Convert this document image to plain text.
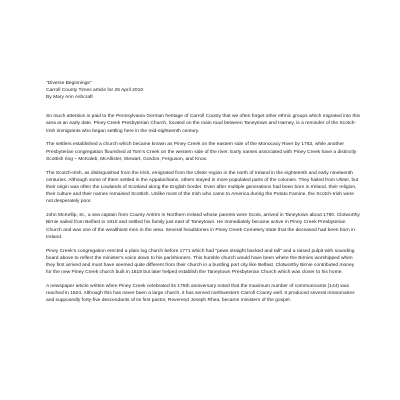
"Diverse Beginnings"

Carroll County Times article for 25 April 2010

By Mary Ann Ashcraft

So much attention is paid to the Pennsylvania German heritage of Carroll County that we often forget other ethnic groups which migrated into this area at an early date. Piney Creek Presbyterian Church, located on the main road between Taneytown and Harney, is a reminder of the Scotch-Irish immigrants who began settling here in the mid-eighteenth century.

The settlers established a church which became known as Piney Creek on the eastern side of the Monocacy River by 1763, while another Presbyterian congregation flourished at Tom’s Creek on the western side of the river. Early names associated with Piney Creek have a distinctly Scottish ring – McKaleb, McAllister, Stewart, Gordon, Ferguson, and Knox.

The Scotch-Irish, as distinguished from the Irish, emigrated from the Ulster region in the north of Ireland in the eighteenth and early nineteenth centuries. Although some of them settled in the Appalachians, others stayed in more populated parts of the colonies. They hailed from Ulster, but their origin was often the Lowlands of Scotland along the English border. Even after multiple generations had been born in Ireland, their religion, their culture and their names remained Scottish. Unlike most of the Irish who came to America during the Potato Famine, the Scotch-Irish were not desperately poor.

John McKellip, Sr., a sea captain from County Antrim in Northern Ireland whose parents were Scots, arrived in Taneytown about 1780. Clotworthy Birnie sailed from Belfast in 1810 and settled his family just east of Taneytown. He immediately became active in Piney Creek Presbyterian Church and was one of the wealthiest men in the area. Several headstones in Piney Creek Cemetery state that the deceased had been born in Ireland.

Piney Creek’s congregation erected a plain log church before 1771 which had "pews straight backed and tall" and a raised pulpit with sounding board above to reflect the minister’s voice down to his parishioners. This humble church would have been where the Birnies worshipped when they first arrived and must have seemed quite different from their church in a bustling port city like Belfast. Clotworthy Birnie contributed money for the new Piney Creek church built in 1818 but later helped establish the Taneytown Presbyterian Church which was closer to his home.

A newspaper article written when Piney Creek celebrated its 175th anniversary noted that the maximum number of communicants (144) was reached in 1824. Although this has never been a large church, it has served northwestern Carroll County well. It produced several missionaries and supposedly forty-five descendants of its first pastor, Reverend Joseph Rhea, became ministers of the gospel.
